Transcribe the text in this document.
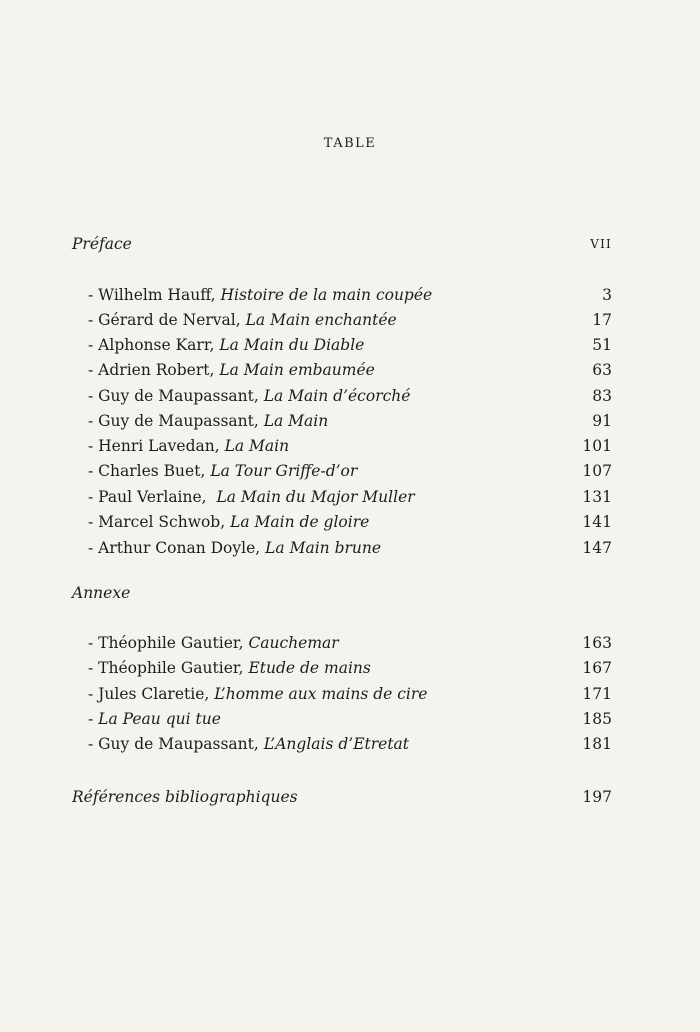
TABLE
Préface	VII
- Wilhelm Hauff, Histoire de la main coupée	3
- Gérard de Nerval, La Main enchantée	17
- Alphonse Karr, La Main du Diable	51
- Adrien Robert, La Main embaumée	63
- Guy de Maupassant, La Main d’écorché	83
- Guy de Maupassant, La Main	91
- Henri Lavedan, La Main	101
- Charles Buet, La Tour Griffe-d’or	107
- Paul Verlaine,  La Main du Major Muller	131
- Marcel Schwob, La Main de gloire	141
- Arthur Conan Doyle, La Main brune	147
Annexe
- Théophile Gautier, Cauchemar	163
- Théophile Gautier, Etude de mains	167
- Jules Claretie, L’homme aux mains de cire	171
- La Peau qui tue	185
- Guy de Maupassant, L’Anglais d’Etretat	181
Références bibliographiques	197
